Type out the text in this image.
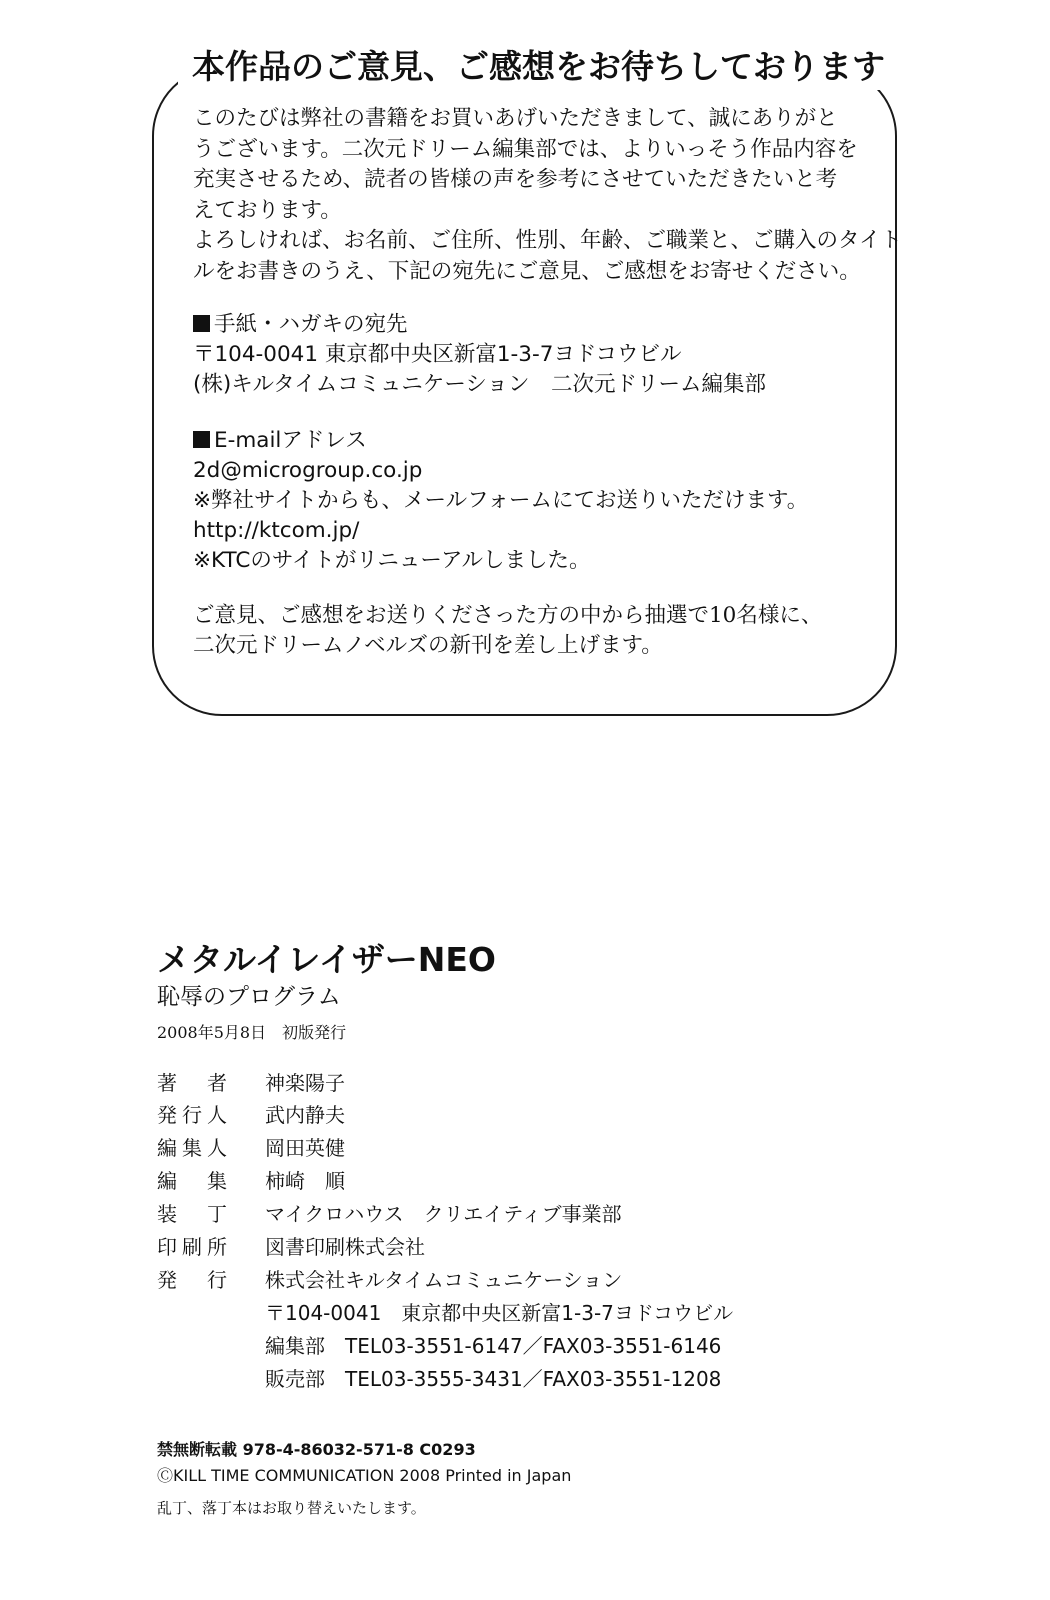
本作品のご意見、ご感想をお待ちしております
このたびは弊社の書籍をお買いあげいただきまして、誠にありがと
うございます。二次元ドリーム編集部では、よりいっそう作品内容を
充実させるため、読者の皆様の声を参考にさせていただきたいと考
えております。
よろしければ、お名前、ご住所、性別、年齢、ご職業と、ご購入のタイト
ルをお書きのうえ、下記の宛先にご意見、ご感想をお寄せください。
手紙・ハガキの宛先
〒104-0041 東京都中央区新富1-3-7ヨドコウビル
(株)キルタイムコミュニケーション　二次元ドリーム編集部
E-mailアドレス
2d@microgroup.co.jp
※弊社サイトからも、メールフォームにてお送りいただけます。
http://ktcom.jp/
※KTCのサイトがリニューアルしました。
ご意見、ご感想をお送りくださった方の中から抽選で10名様に、
二次元ドリームノベルズの新刊を差し上げます。
メタルイレイザーNEO
恥辱のプログラム
2008年5月8日　初版発行
著者 神楽陽子
発行人 武内静夫
編集人 岡田英健
編集 柿崎　順
装丁 マイクロハウス　クリエイティブ事業部
印刷所 図書印刷株式会社
発行 株式会社キルタイムコミュニケーション
〒104-0041　東京都中央区新富1-3-7ヨドコウビル
編集部　TEL03-3551-6147／FAX03-3551-6146
販売部　TEL03-3555-3431／FAX03-3551-1208
禁無断転載 978-4-86032-571-8 C0293
ⒸKILL TIME COMMUNICATION 2008 Printed in Japan
乱丁、落丁本はお取り替えいたします。
